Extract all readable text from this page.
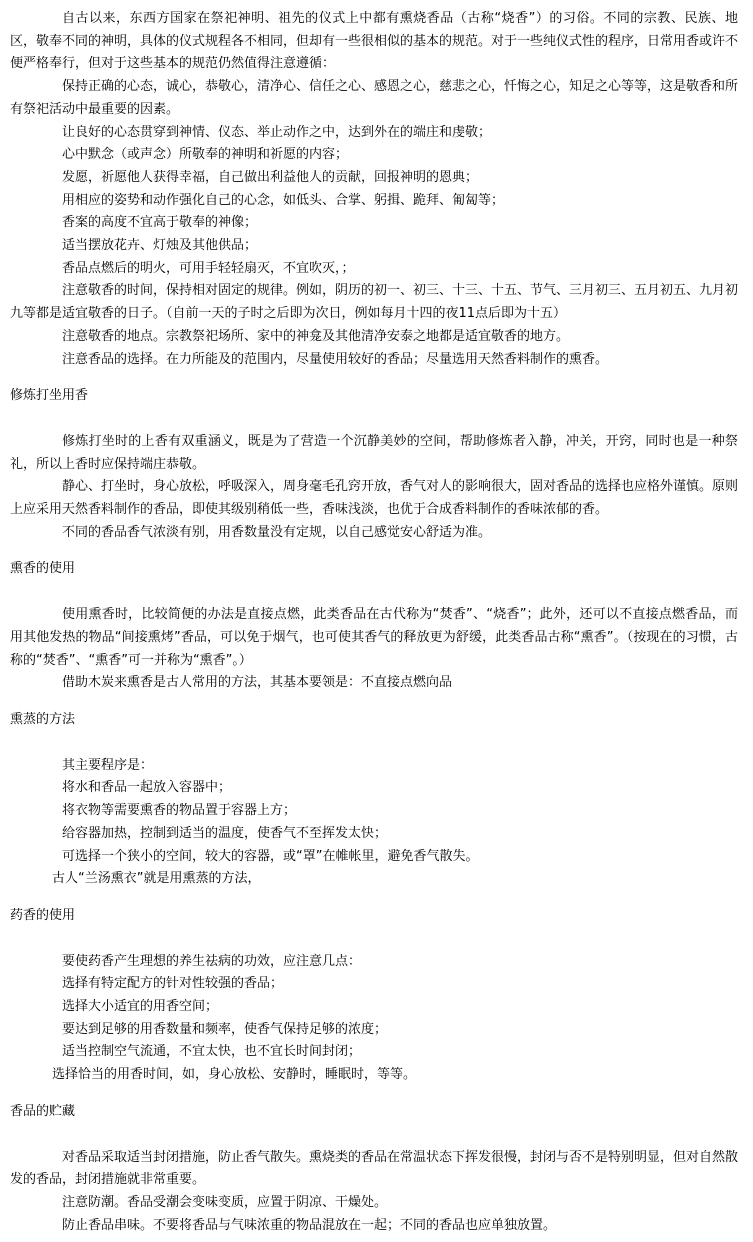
自古以来，东西方国家在祭祀神明、祖先的仪式上中都有熏烧香品（古称“烧香”）的习俗。不同的宗教、民族、地区，敬奉不同的神明，具体的仪式规程各不相同，但却有一些很相似的基本的规范。对于一些纯仪式性的程序，日常用香或许不便严格奉行，但对于这些基本的规范仍然值得注意遵循：

保持正确的心态，诚心，恭敬心，清净心、信任之心、感恩之心，慈悲之心，忏悔之心，知足之心等等，这是敬香和所有祭祀活动中最重要的因素。

让良好的心态贯穿到神情、仪态、举止动作之中，达到外在的端庄和虔敬；

心中默念（或声念）所敬奉的神明和祈愿的内容；

发愿，祈愿他人获得幸福，自己做出利益他人的贡献，回报神明的恩典；

用相应的姿势和动作强化自己的心念，如低头、合掌、躬揖、跪拜、匍匐等；

香案的高度不宜高于敬奉的神像；

适当摆放花卉、灯烛及其他供品；

香品点燃后的明火，可用手轻轻扇灭，不宜吹灭，；

注意敬香的时间，保持相对固定的规律。例如，阴历的初一、初三、十三、十五、节气、三月初三、五月初五、九月初九等都是适宜敬香的日子。（自前一天的子时之后即为次日，例如每月十四的夜11点后即为十五）

注意敬香的地点。宗教祭祀场所、家中的神龛及其他清净安泰之地都是适宜敬香的地方。

注意香品的选择。在力所能及的范围内，尽量使用较好的香品；尽量选用天然香料制作的熏香。

修炼打坐用香

修炼打坐时的上香有双重涵义，既是为了营造一个沉静美妙的空间，帮助修炼者入静，冲关，开窍，同时也是一种祭礼，所以上香时应保持端庄恭敬。

静心、打坐时，身心放松，呼吸深入，周身毫毛孔窍开放，香气对人的影响很大，固对香品的选择也应格外谨慎。原则上应采用天然香料制作的香品，即使其级别稍低一些，香味浅淡，也优于合成香料制作的香味浓郁的香。

不同的香品香气浓淡有别，用香数量没有定规，以自己感觉安心舒适为准。

熏香的使用

使用熏香时，比较简便的办法是直接点燃，此类香品在古代称为“焚香”、“烧香”；此外，还可以不直接点燃香品，而用其他发热的物品“间接熏烤”香品，可以免于烟气，也可使其香气的释放更为舒缓，此类香品古称“熏香”。（按现在的习惯，古称的“焚香”、“熏香”可一并称为“熏香”。）

借助木炭来熏香是古人常用的方法，其基本要领是：不直接点燃向品

熏蒸的方法

其主要程序是：

将水和香品一起放入容器中；

将衣物等需要熏香的物品置于容器上方；

给容器加热，控制到适当的温度，使香气不至挥发太快；

可选择一个狭小的空间，较大的容器，或“罩”在帷帐里，避免香气散失。

古人“兰汤熏衣”就是用熏蒸的方法，

药香的使用

要使药香产生理想的养生祛病的功效，应注意几点：

选择有特定配方的针对性较强的香品；

选择大小适宜的用香空间；

要达到足够的用香数量和频率，使香气保持足够的浓度；

适当控制空气流通，不宜太快，也不宜长时间封闭；

选择恰当的用香时间，如，身心放松、安静时，睡眠时，等等。

香品的贮藏

对香品采取适当封闭措施，防止香气散失。熏烧类的香品在常温状态下挥发很慢，封闭与否不是特别明显，但对自然散发的香品，封闭措施就非常重要。

注意防潮。香品受潮会变味变质，应置于阴凉、干燥处。

防止香品串味。不要将香品与气味浓重的物品混放在一起；不同的香品也应单独放置。
